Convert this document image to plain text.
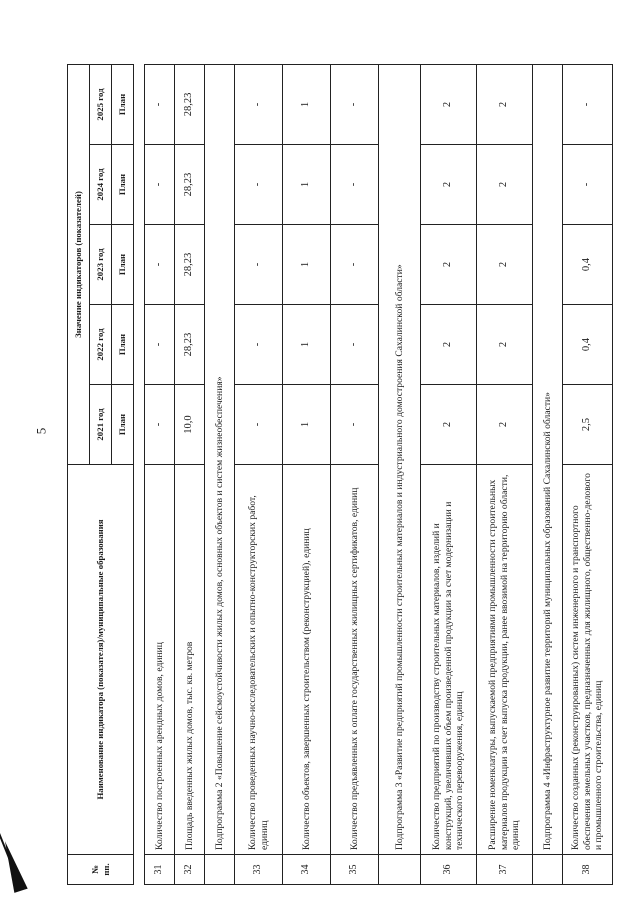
5
№ пп.	Наименование индикатора (показателя)/муниципальные образования	Значение индикаторов (показателей)				
		2021 год	2022 год	2023 год	2024 год	2025 год
		План	План	План	План	План

31	Количество построенных арендных домов, единиц	-	-	-	-	-
32	Площадь введенных жилых домов, тыс. кв. метров	10,0	28,23	28,23	28,23	28,23
	Подпрограмма 2 «Повышение сейсмоустойчивости жилых домов, основных объектов и систем жизнеобеспечения»					
33	Количество проведенных научно-исследовательских и опытно-конструкторских работ, единиц	-	-	-	-	-
34	Количество объектов, завершенных строительством (реконструкцией), единиц	1	1	1	1	1
35	Количество предъявленных к оплате государственных жилищных сертификатов, единиц	-	-	-	-	-
	Подпрограмма 3 «Развитие предприятий промышленности строительных материалов и индустриального домостроения Сахалинской области»					
36	Количество предприятий по производству строительных материалов, изделий и конструкций, увеличивших объем произведенной продукции за счет модернизации и технического перевооружения, единиц	2	2	2	2	2
37	Расширение номенклатуры, выпускаемой предприятиями промышленности строительных материалов продукции за счет выпуска продукции, ранее ввозимой на территорию области, единиц	2	2	2	2	2
	Подпрограмма 4 «Инфраструктурное развитие территорий муниципальных образований Сахалинской области»					
38	Количество созданных (реконструированных) систем инженерного и транспортного обеспечения земельных участков, предназначенных для жилищного, общественно-делового и промышленного строительства, единиц	2,5	0,4	0,4	-	-
